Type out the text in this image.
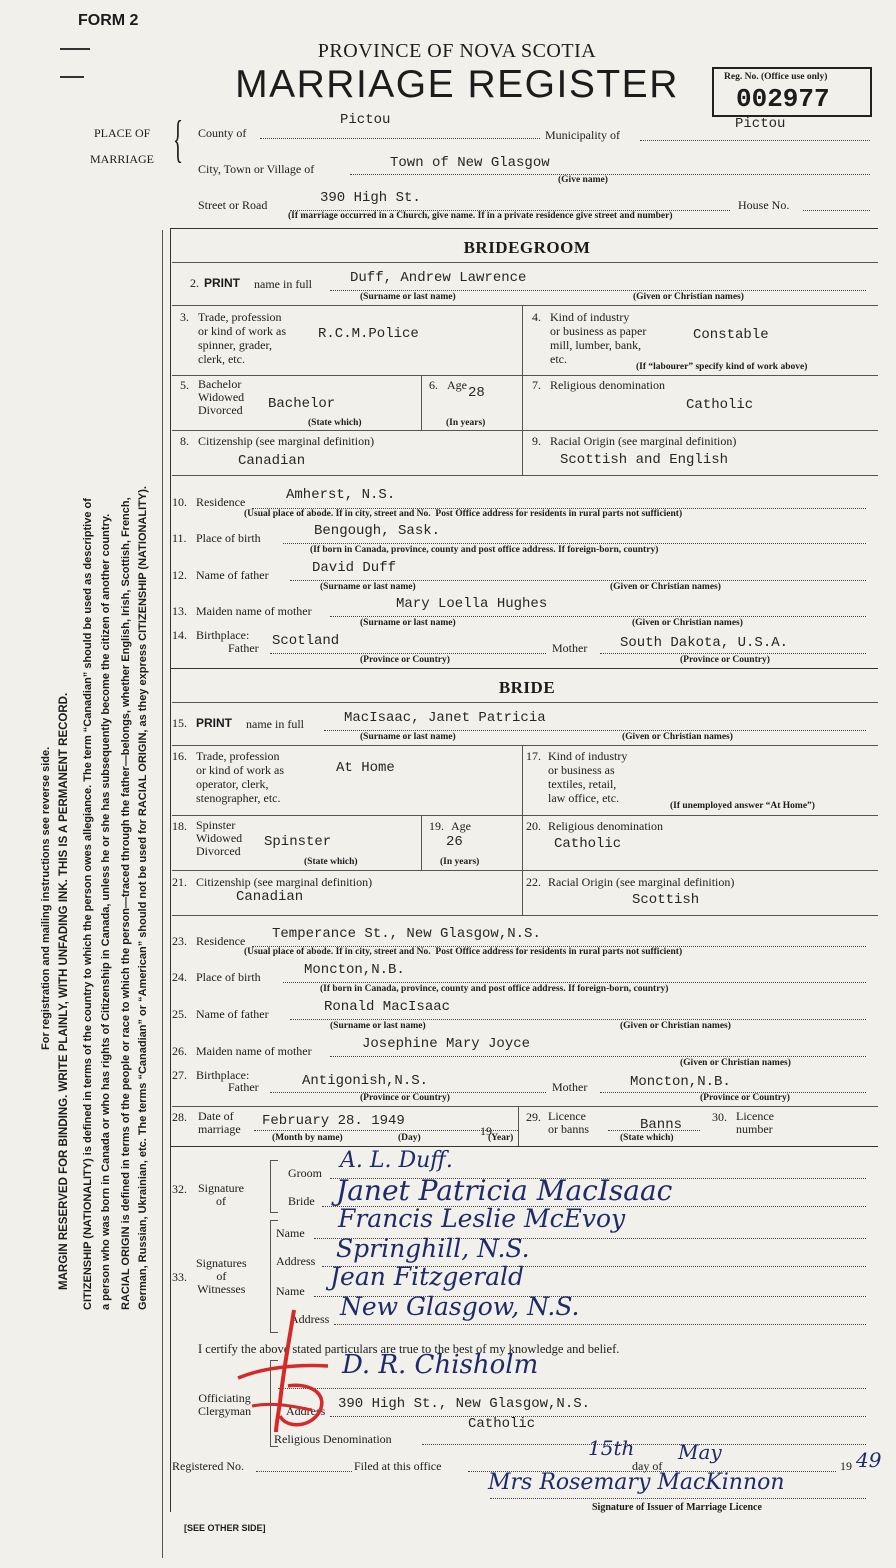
FORM 2
PROVINCE OF NOVA SCOTIA
MARRIAGE REGISTER	Reg. No. (Office use only)
002977
PLACE OF
MARRIAGE { County of
Pictou
Municipality of
Pictou
City, Town or Village of	Town of New Glasgow
(Give name)
Street or Road	390 High St.	House No.
(If marriage occurred in a Church, give name. If in a private residence give street and number)
MARGIN RESERVED FOR BINDING. WRITE PLAINLY, WITH UNFADING INK. THIS IS A PERMANENT RECORD.
For registration and mailing instructions see reverse side.	CITIZENSHIP (NATIONALITY) is defined in terms of the country to which the person owes allegiance. The term “Canadian” should be used as descriptive of a person who was born in Canada or who has rights of Citizenship in Canada, unless he or she has subsequently become the citizen of another country. RACIAL ORIGIN is defined in terms of the people or race to which the person—traced through the father—belongs, whether English, Irish, Scottish, French, German, Russian, Ukrainian, etc. The terms “Canadian” or “American” should not be used for RACIAL ORIGIN, as they express CITIZENSHIP (NATIONALITY).
BRIDEGROOM
2. PRINT name in full	Duff, Andrew Lawrence
(Surname or last name)	(Given or Christian names)
3. Trade, profession
or kind of work as
spinner, grader,
clerk, etc.
R.C.M.Police
4. Kind of industry
or business as paper
mill, lumber, bank,
etc.
Constable
(If “labourer” specify kind of work above)
5. Bachelor
Widowed
Divorced Bachelor
(State which)
6. Age 28
(In years)
7. Religious denomination
Catholic
8. Citizenship (see marginal definition)
Canadian
9. Racial Origin (see marginal definition)
Scottish and English
10. Residence	Amherst, N.S.
(Usual place of abode. If in city, street and No. Post Office address for residents in rural parts not sufficient)
11. Place of birth	Bengough, Sask.
(If born in Canada, province, county and post office address. If foreign-born, country)
12. Name of father	David Duff
(Surname or last name)	(Given or Christian names)
13. Maiden name of mother	Mary Loella Hughes
(Surname or last name)	(Given or Christian names)
14. Birthplace:
Father Scotland	Mother South Dakota, U.S.A.
(Province or Country)	(Province or Country)
BRIDE
15. PRINT name in full	MacIsaac, Janet Patricia
(Surname or last name)	(Given or Christian names)
16. Trade, profession
or kind of work as
operator, clerk,
stenographer, etc.
At Home
17. Kind of industry
or business as
textiles, retail,
law office, etc.
(If unemployed answer “At Home”)
18. Spinster
Widowed
Divorced
Spinster
(State which)
19. Age
26
(In years)
20. Religious denomination
Catholic
21. Citizenship (see marginal definition)
Canadian
22. Racial Origin (see marginal definition)
Scottish
23. Residence Temperance St., New Glasgow,N.S.
(Usual place of abode. If in city, street and No. Post Office address for residents in rural parts not sufficient)
24. Place of birth	Moncton,N.B.
(If born in Canada, province, county and post office address. If foreign-born, country)
25. Name of father	Ronald MacIsaac
(Surname or last name)	(Given or Christian names)
26. Maiden name of mother	Josephine Mary Joyce
(Given or Christian names)
27. Birthplace:
Father	Antigonish,N.S.	Mother	Moncton,N.B.
(Province or Country)	(Province or Country)
28. Date of
marriage February 28. 1949
19
(Month by name)	(Day)	(Year)
29. Licence
or banns	Banns
(State which)
30. Licence
number
32. Signature
of
Groom A. L. Duff.
Bride Janet Patricia MacIsaac
33.
Signatures
of
Witnesses
Name Francis Leslie McEvoy
Address Springhill, N.S.
Name Jean Fitzgerald
Address New Glasgow, N.S.
I certify the above stated particulars are true to the best of my knowledge and belief.
D. R. Chisholm
Officiating
Clergyman	Address 390 High St., New Glasgow,N.S.
Catholic
Religious Denomination
Registered No.	Filed at this office
15th
day of
May
19 49
Mrs Rosemary MacKinnon
Signature of Issuer of Marriage Licence
[SEE OTHER SIDE]
